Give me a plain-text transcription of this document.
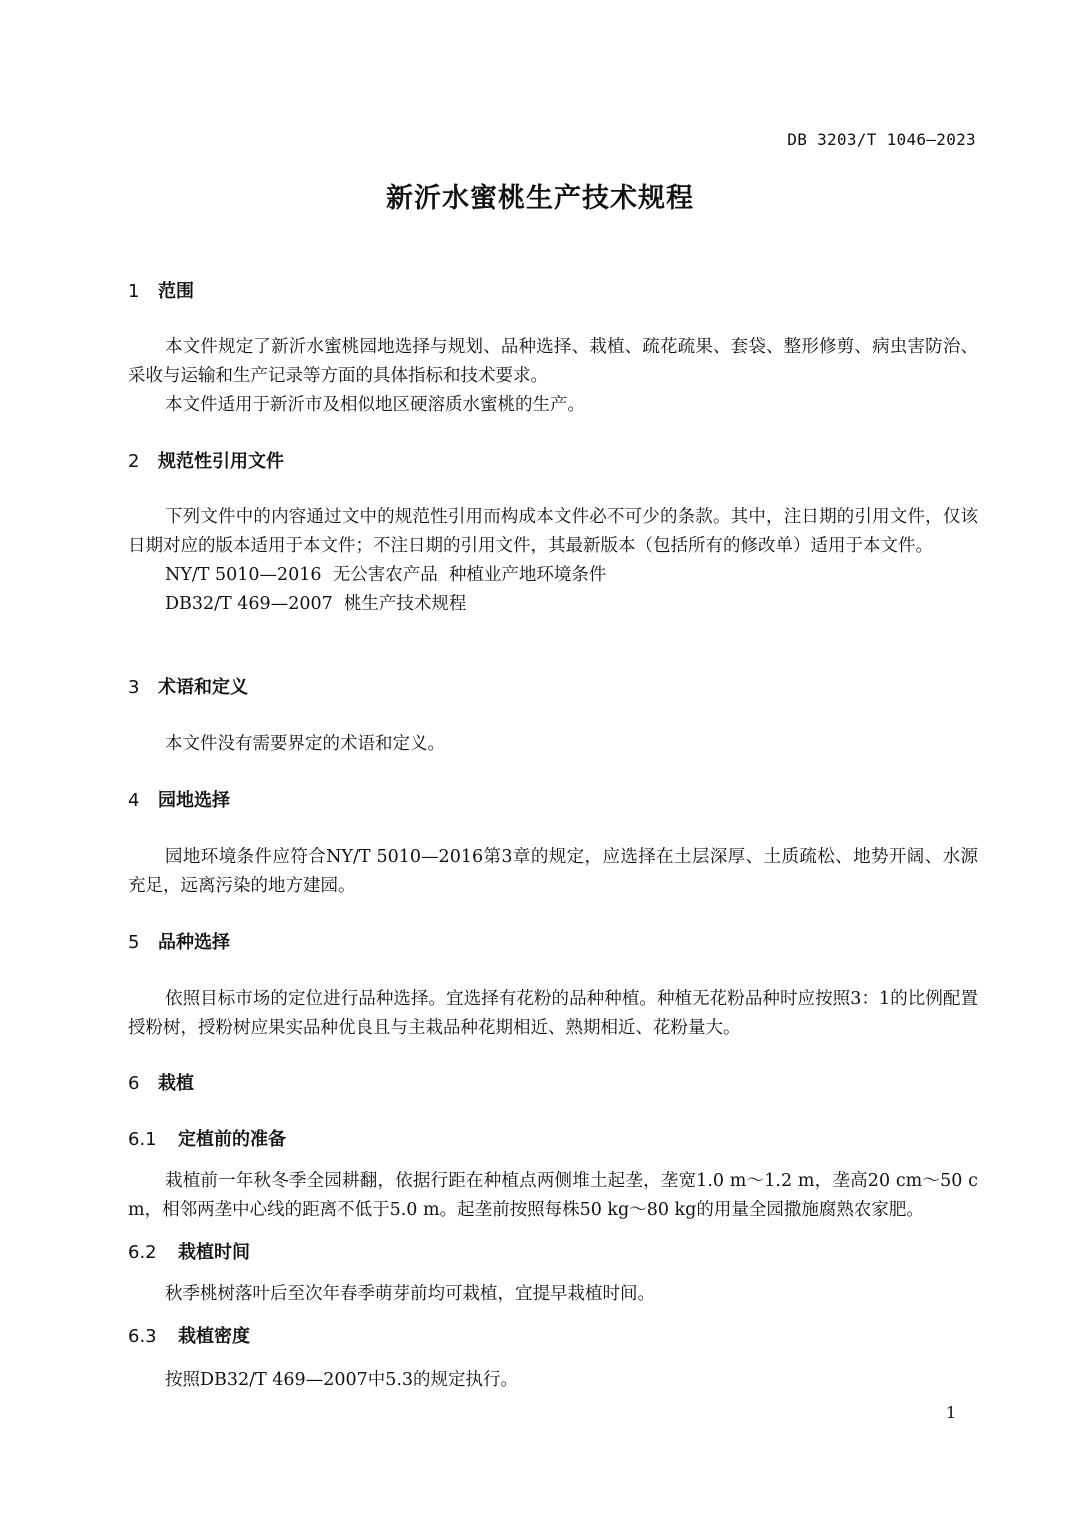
DB 3203/T 1046—2023
新沂水蜜桃生产技术规程
1 范围
本文件规定了新沂水蜜桃园地选择与规划、品种选择、栽植、疏花疏果、套袋、整形修剪、病虫害防治、采收与运输和生产记录等方面的具体指标和技术要求。
本文件适用于新沂市及相似地区硬溶质水蜜桃的生产。
2 规范性引用文件
下列文件中的内容通过文中的规范性引用而构成本文件必不可少的条款。其中，注日期的引用文件，仅该日期对应的版本适用于本文件；不注日期的引用文件，其最新版本（包括所有的修改单）适用于本文件。
NY/T 5010—2016  无公害农产品  种植业产地环境条件
DB32/T 469—2007  桃生产技术规程
3 术语和定义
本文件没有需要界定的术语和定义。
4 园地选择
园地环境条件应符合NY/T 5010—2016第3章的规定，应选择在土层深厚、土质疏松、地势开阔、水源充足，远离污染的地方建园。
5 品种选择
依照目标市场的定位进行品种选择。宜选择有花粉的品种种植。种植无花粉品种时应按照3：1的比例配置授粉树，授粉树应果实品种优良且与主栽品种花期相近、熟期相近、花粉量大。
6 栽植
6.1 定植前的准备
栽植前一年秋冬季全园耕翻，依据行距在种植点两侧堆土起垄，垄宽1.0 m～1.2 m，垄高20 cm～50 cm，相邻两垄中心线的距离不低于5.0 m。起垄前按照每株50 kg～80 kg的用量全园撒施腐熟农家肥。
6.2 栽植时间
秋季桃树落叶后至次年春季萌芽前均可栽植，宜提早栽植时间。
6.3 栽植密度
按照DB32/T 469—2007中5.3的规定执行。
1
